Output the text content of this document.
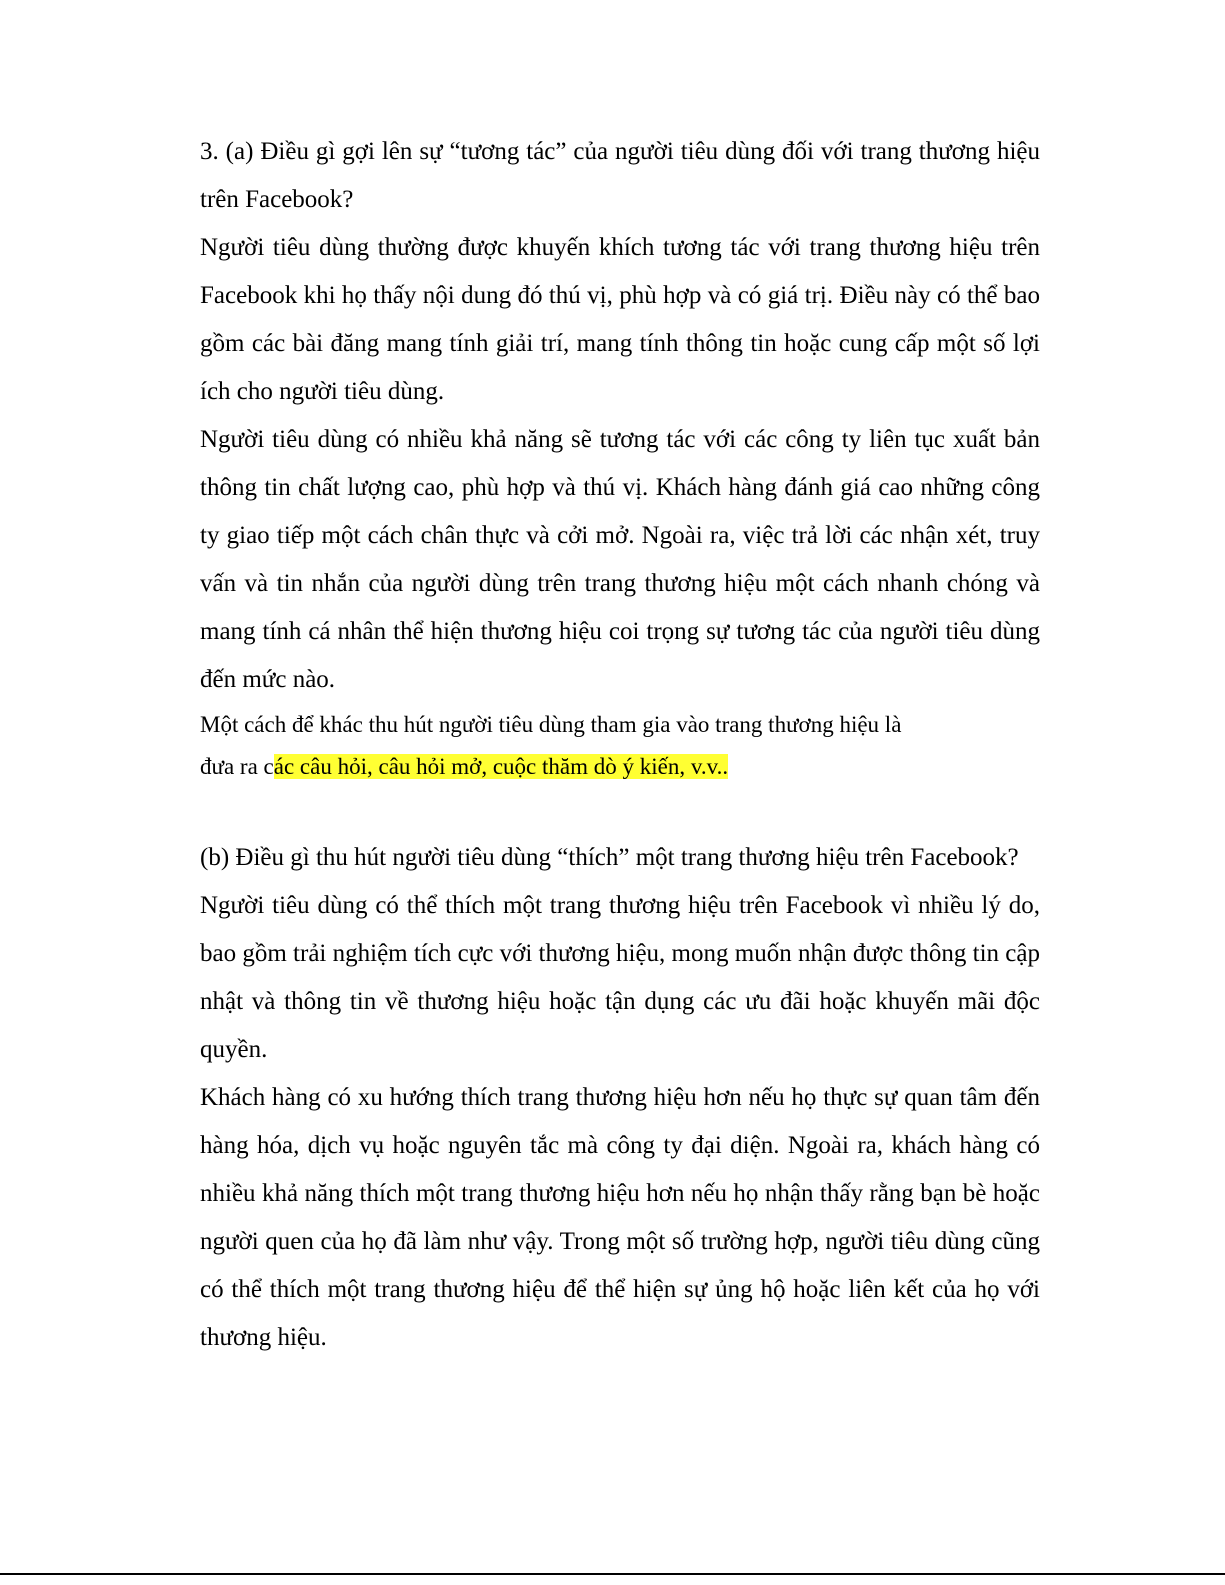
3. (a) Điều gì gợi lên sự “tương tác” của người tiêu dùng đối với trang thương hiệu trên Facebook?

Người tiêu dùng thường được khuyến khích tương tác với trang thương hiệu trên Facebook khi họ thấy nội dung đó thú vị, phù hợp và có giá trị. Điều này có thể bao gồm các bài đăng mang tính giải trí, mang tính thông tin hoặc cung cấp một số lợi ích cho người tiêu dùng.

Người tiêu dùng có nhiều khả năng sẽ tương tác với các công ty liên tục xuất bản thông tin chất lượng cao, phù hợp và thú vị. Khách hàng đánh giá cao những công ty giao tiếp một cách chân thực và cởi mở. Ngoài ra, việc trả lời các nhận xét, truy vấn và tin nhắn của người dùng trên trang thương hiệu một cách nhanh chóng và mang tính cá nhân thể hiện thương hiệu coi trọng sự tương tác của người tiêu dùng đến mức nào.

Một cách để khác thu hút người tiêu dùng tham gia vào trang thương hiệu là

đưa ra các câu hỏi, câu hỏi mở, cuộc thăm dò ý kiến, v.v..

(b) Điều gì thu hút người tiêu dùng “thích” một trang thương hiệu trên Facebook?

Người tiêu dùng có thể thích một trang thương hiệu trên Facebook vì nhiều lý do, bao gồm trải nghiệm tích cực với thương hiệu, mong muốn nhận được thông tin cập nhật và thông tin về thương hiệu hoặc tận dụng các ưu đãi hoặc khuyến mãi độc quyền.

Khách hàng có xu hướng thích trang thương hiệu hơn nếu họ thực sự quan tâm đến hàng hóa, dịch vụ hoặc nguyên tắc mà công ty đại diện. Ngoài ra, khách hàng có nhiều khả năng thích một trang thương hiệu hơn nếu họ nhận thấy rằng bạn bè hoặc người quen của họ đã làm như vậy. Trong một số trường hợp, người tiêu dùng cũng có thể thích một trang thương hiệu để thể hiện sự ủng hộ hoặc liên kết của họ với thương hiệu.
